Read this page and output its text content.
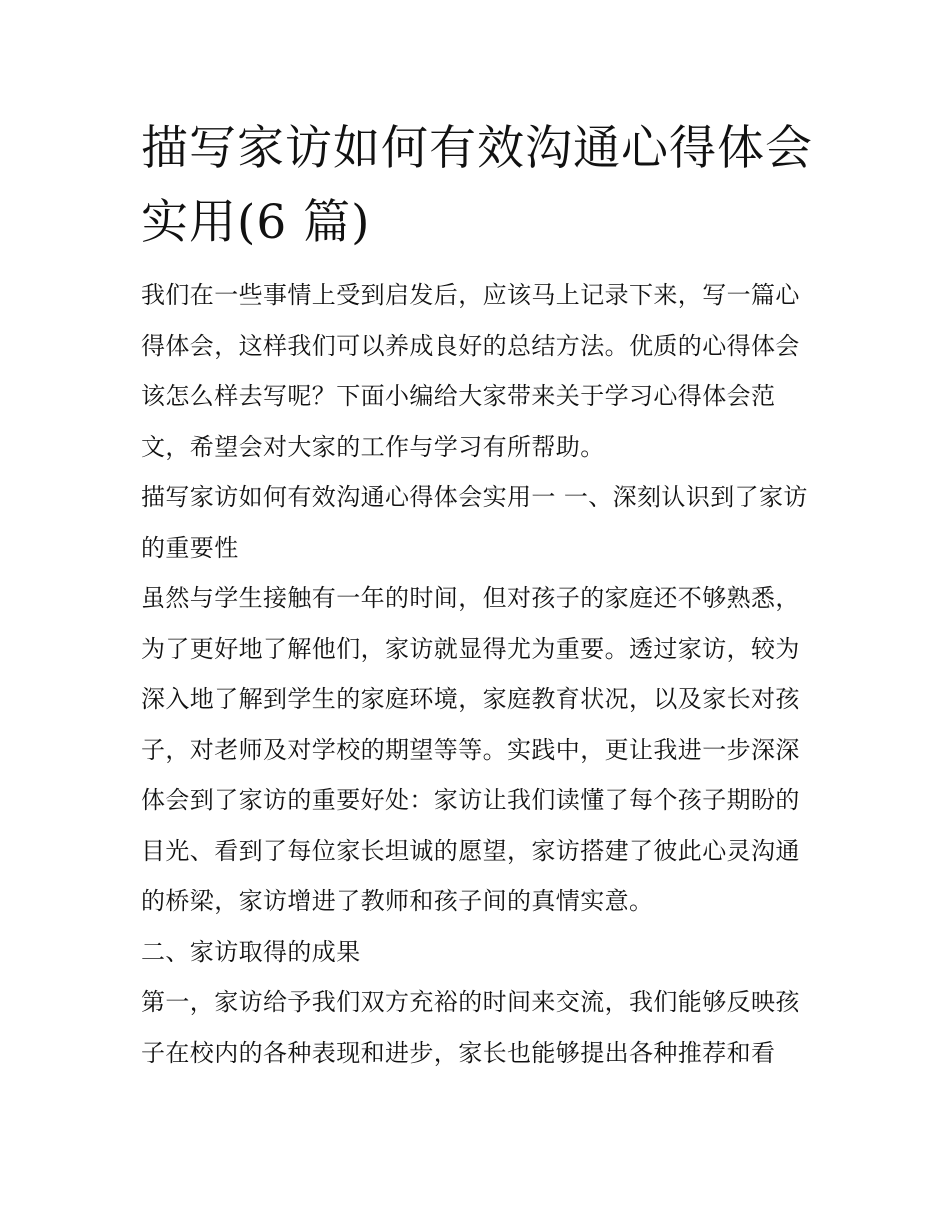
描写家访如何有效沟通心得体会实用(6 篇)

我们在一些事情上受到启发后，应该马上记录下来，写一篇心得体会，这样我们可以养成良好的总结方法。优质的心得体会该怎么样去写呢？下面小编给大家带来关于学习心得体会范文，希望会对大家的工作与学习有所帮助。

描写家访如何有效沟通心得体会实用一 一、深刻认识到了家访的重要性

虽然与学生接触有一年的时间，但对孩子的家庭还不够熟悉，为了更好地了解他们，家访就显得尤为重要。透过家访，较为深入地了解到学生的家庭环境，家庭教育状况，以及家长对孩子，对老师及对学校的期望等等。实践中，更让我进一步深深体会到了家访的重要好处：家访让我们读懂了每个孩子期盼的目光、看到了每位家长坦诚的愿望，家访搭建了彼此心灵沟通的桥梁，家访增进了教师和孩子间的真情实意。

二、家访取得的成果

第一，家访给予我们双方充裕的时间来交流，我们能够反映孩子在校内的各种表现和进步，家长也能够提出各种推荐和看
